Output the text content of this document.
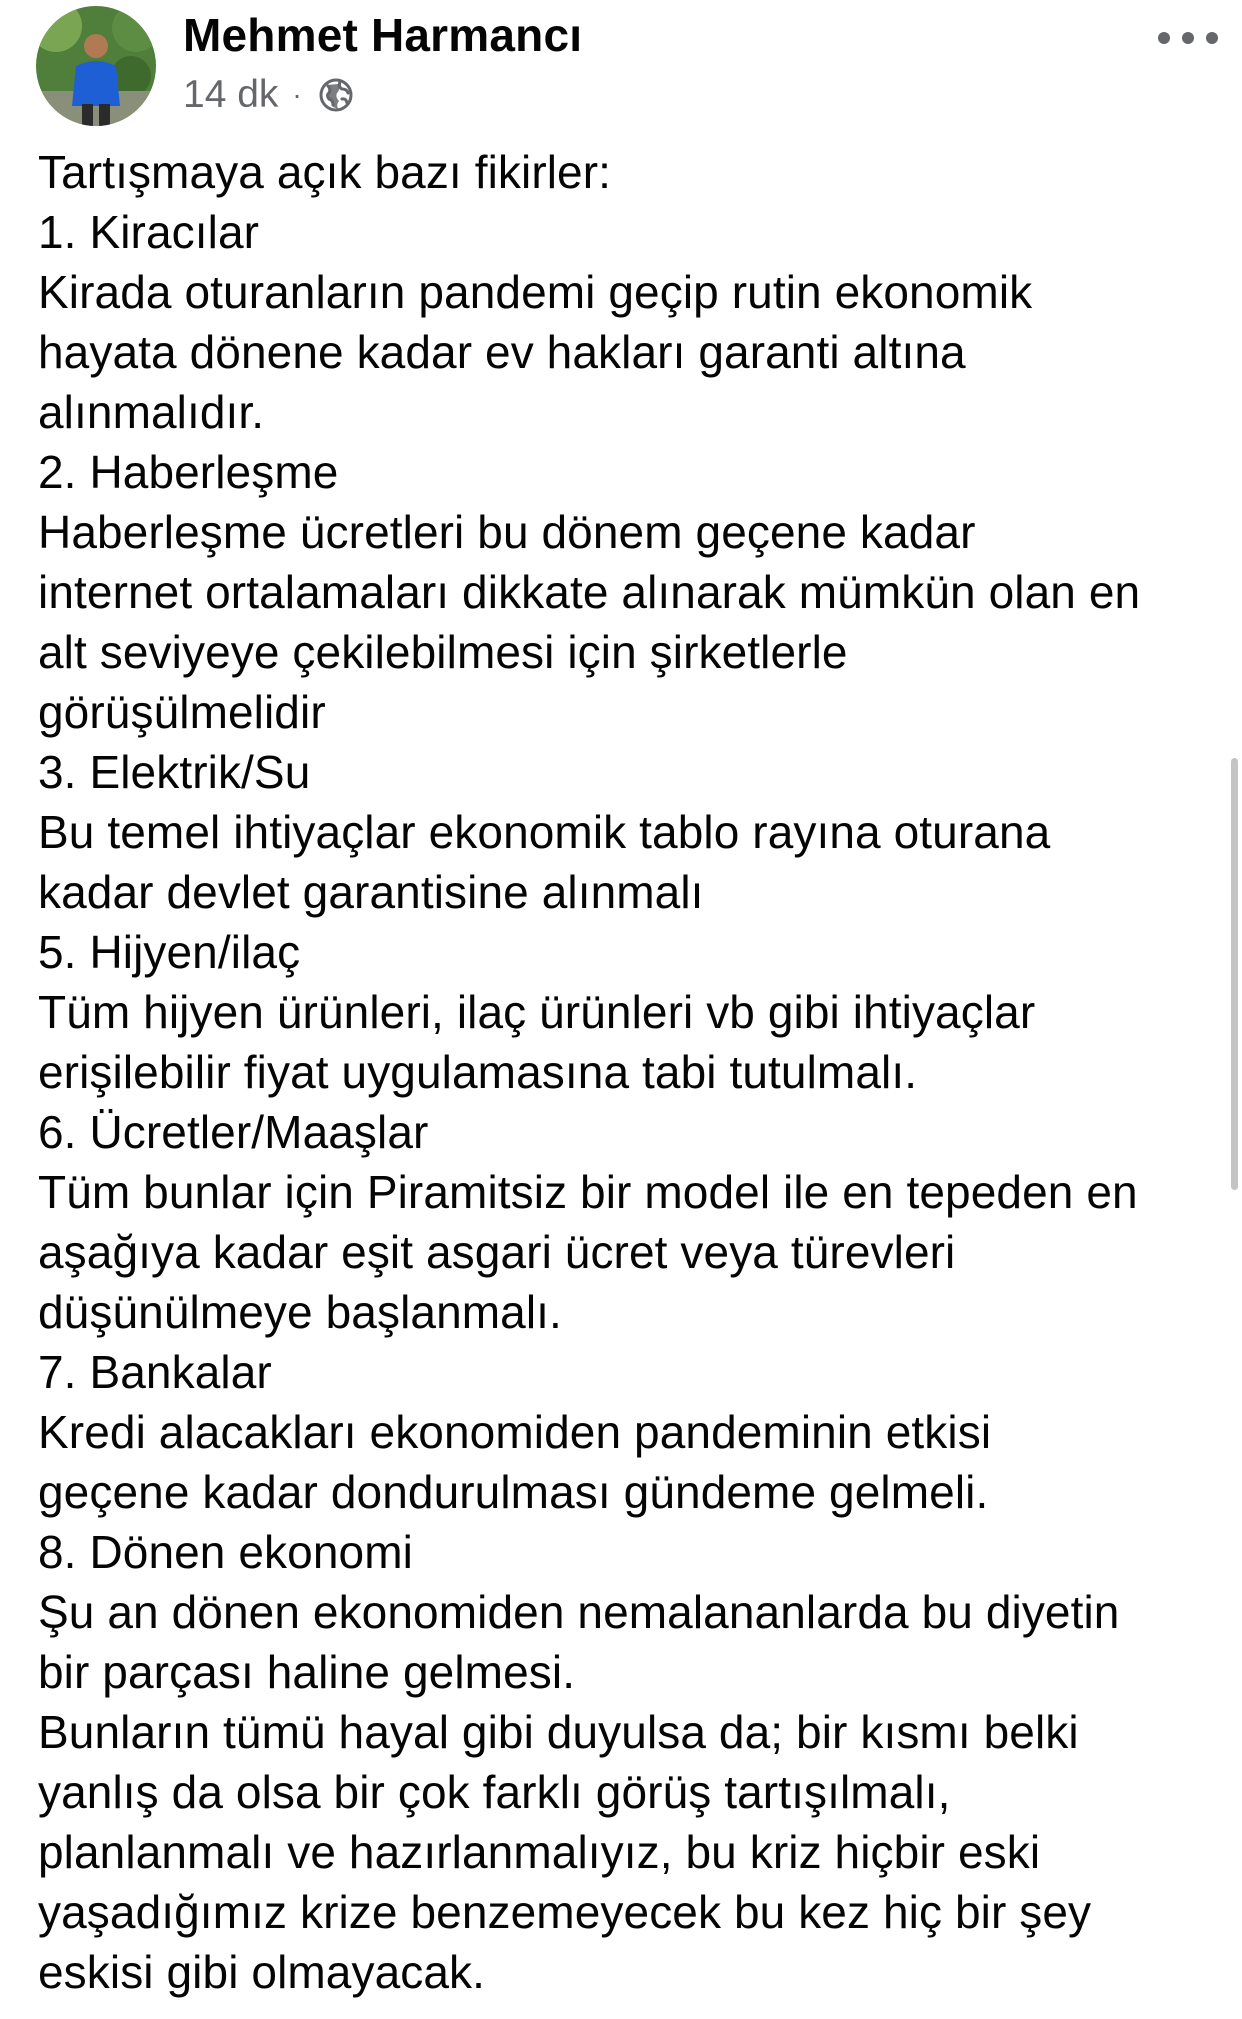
Mehmet Harmancı
14 dk ·
Tartışmaya açık bazı fikirler:
1. Kiracılar
Kirada oturanların pandemi geçip rutin ekonomik
hayata dönene kadar ev hakları garanti altına
alınmalıdır.
2. Haberleşme
Haberleşme ücretleri bu dönem geçene kadar
internet ortalamaları dikkate alınarak mümkün olan en
alt seviyeye çekilebilmesi için şirketlerle
görüşülmelidir
3. Elektrik/Su
Bu temel ihtiyaçlar ekonomik tablo rayına oturana
kadar devlet garantisine alınmalı
5. Hijyen/ilaç
Tüm hijyen ürünleri, ilaç ürünleri vb gibi ihtiyaçlar
erişilebilir fiyat uygulamasına tabi tutulmalı.
6. Ücretler/Maaşlar
Tüm bunlar için Piramitsiz bir model ile en tepeden en
aşağıya kadar eşit asgari ücret veya türevleri
düşünülmeye başlanmalı.
7. Bankalar
Kredi alacakları ekonomiden pandeminin etkisi
geçene kadar dondurulması gündeme gelmeli.
8. Dönen ekonomi
Şu an dönen ekonomiden nemalananlarda bu diyetin
bir parçası haline gelmesi.
Bunların tümü hayal gibi duyulsa da; bir kısmı belki
yanlış da olsa bir çok farklı görüş tartışılmalı,
planlanmalı ve hazırlanmalıyız, bu kriz hiçbir eski
yaşadığımız krize benzemeyecek bu kez hiç bir şey
eskisi gibi olmayacak.
